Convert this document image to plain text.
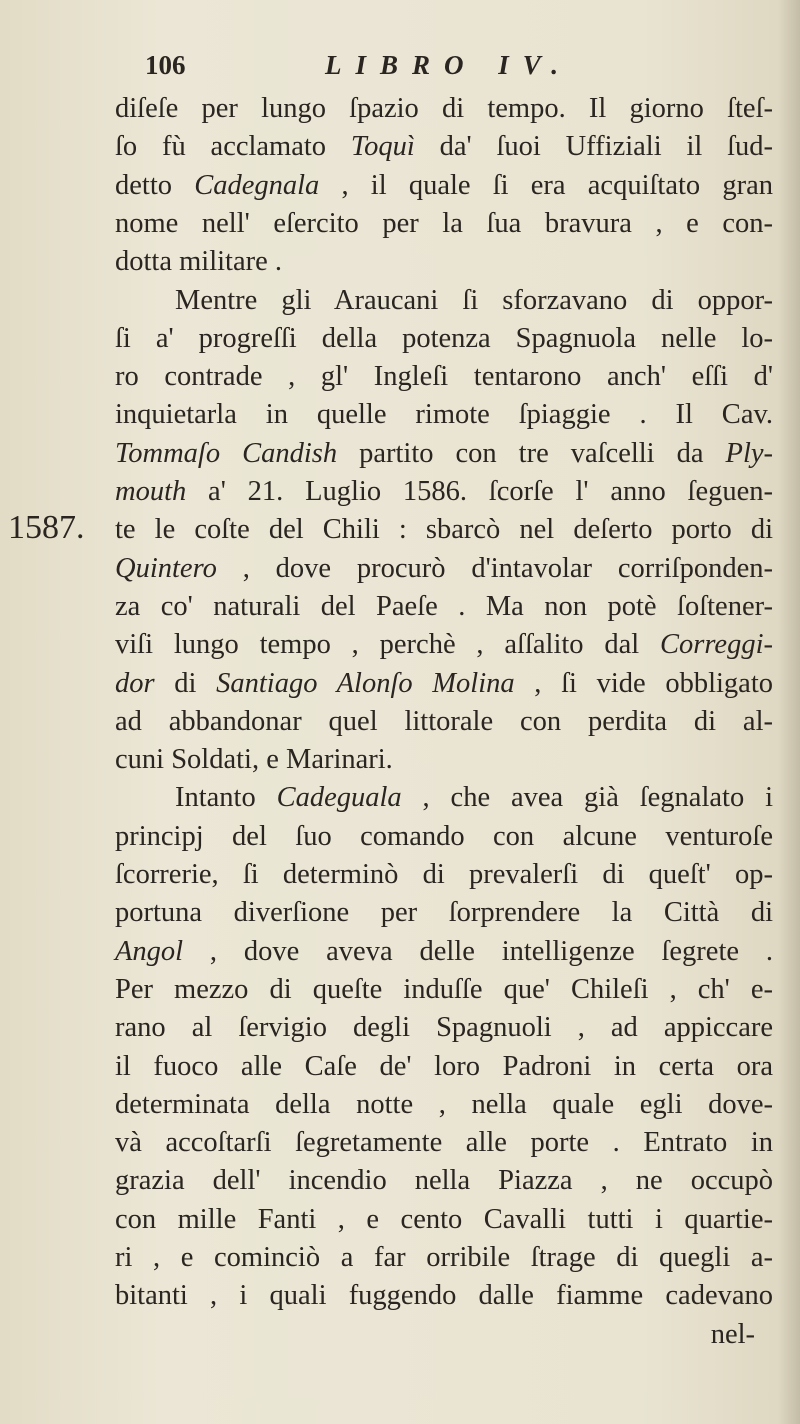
106	LIBRO IV.
1587.
diſeſe per lungo ſpazio di tempo. Il giorno ſteſ-
ſo fù acclamato Toquì da' ſuoi Uffiziali il ſud-
detto Cadegnala , il quale ſi era acquiſtato gran
nome nell' eſercito per la ſua bravura , e con-
dotta militare .
Mentre gli Araucani ſi sforzavano di oppor-
ſi a' progreſſi della potenza Spagnuola nelle lo-
ro contrade , gl' Ingleſi tentarono anch' eſſi d'
inquietarla in quelle rimote ſpiaggie . Il Cav.
Tommaſo Candish partito con tre vaſcelli da Ply-
mouth a' 21. Luglio 1586. ſcorſe l' anno ſeguen-
te le coſte del Chili : sbarcò nel deſerto porto di
Quintero , dove procurò d'intavolar corriſponden-
za co' naturali del Paeſe . Ma non potè ſoſtener-
viſi lungo tempo , perchè , aſſalito dal Correggi-
dor di Santiago Alonſo Molina , ſi vide obbligato
ad abbandonar quel littorale con perdita di al-
cuni Soldati, e Marinari.
Intanto Cadeguala , che avea già ſegnalato i
principj del ſuo comando con alcune venturoſe
ſcorrerie, ſi determinò di prevalerſi di queſt' op-
portuna diverſione per ſorprendere la Città di
Angol , dove aveva delle intelligenze ſegrete .
Per mezzo di queſte induſſe que' Chileſi , ch' e-
rano al ſervigio degli Spagnuoli , ad appiccare
il fuoco alle Caſe de' loro Padroni in certa ora
determinata della notte , nella quale egli dove-
và accoſtarſi ſegretamente alle porte . Entrato in
grazia dell' incendio nella Piazza , ne occupò
con mille Fanti , e cento Cavalli tutti i quartie-
ri , e cominciò a far orribile ſtrage di quegli a-
bitanti , i quali fuggendo dalle fiamme cadevano
nel-
